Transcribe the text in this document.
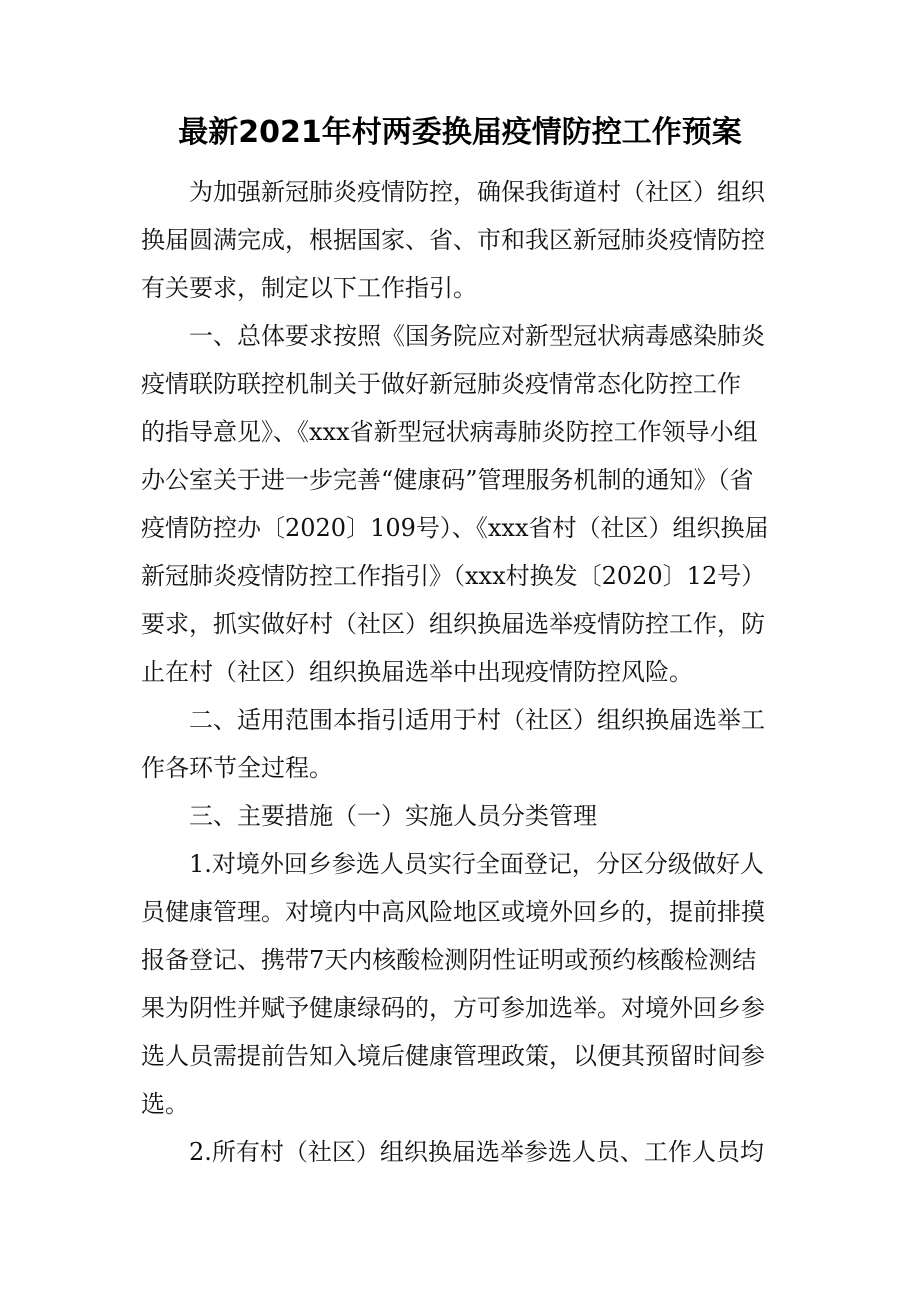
最新2021年村两委换届疫情防控工作预案

为加强新冠肺炎疫情防控，确保我街道村（社区）组织

换届圆满完成，根据国家、省、市和我区新冠肺炎疫情防控

有关要求，制定以下工作指引。

一、总体要求按照《国务院应对新型冠状病毒感染肺炎

疫情联防联控机制关于做好新冠肺炎疫情常态化防控工作

的指导意见》、《xxx省新型冠状病毒肺炎防控工作领导小组

办公室关于进一步完善“健康码”管理服务机制的通知》（省

疫情防控办〔2020〕109号）、《xxx省村（社区）组织换届

新冠肺炎疫情防控工作指引》（xxx村换发〔2020〕12号）

要求，抓实做好村（社区）组织换届选举疫情防控工作，防

止在村（社区）组织换届选举中出现疫情防控风险。

二、适用范围本指引适用于村（社区）组织换届选举工

作各环节全过程。

三、主要措施（一）实施人员分类管理

1.对境外回乡参选人员实行全面登记，分区分级做好人

员健康管理。对境内中高风险地区或境外回乡的，提前排摸

报备登记、携带7天内核酸检测阴性证明或预约核酸检测结

果为阴性并赋予健康绿码的，方可参加选举。对境外回乡参

选人员需提前告知入境后健康管理政策，以便其预留时间参

选。

2.所有村（社区）组织换届选举参选人员、工作人员均
